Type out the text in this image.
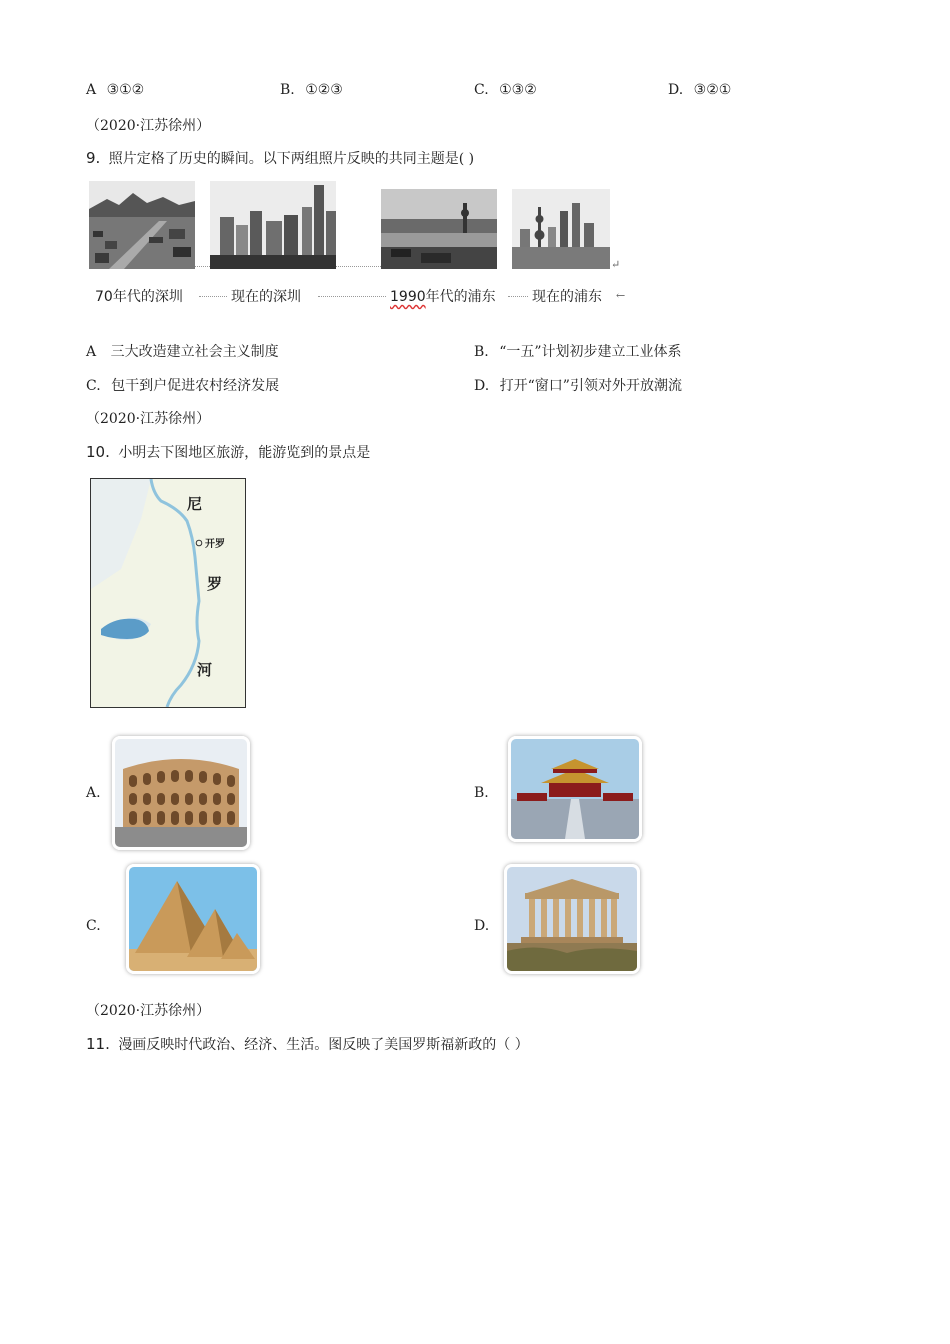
A ③①②	B. ①②③	C. ①③②	D. ③②①
（2020·江苏徐州）
9. 照片定格了历史的瞬间。以下两组照片反映的共同主题是( )
↵
70年代的深圳	现在的深圳	1990年代的浦东	现在的浦东 ←
A 三大改造建立社会主义制度	B. “一五”计划初步建立工业体系
C. 包干到户促进农村经济发展	D. 打开“窗口”引领对外开放潮流
（2020·江苏徐州）
10. 小明去下图地区旅游，能游览到的景点是
尼
开罗
罗
河
A.	B.
C.	D.
（2020·江苏徐州）
11. 漫画反映时代政治、经济、生活。图反映了美国罗斯福新政的（ ）
